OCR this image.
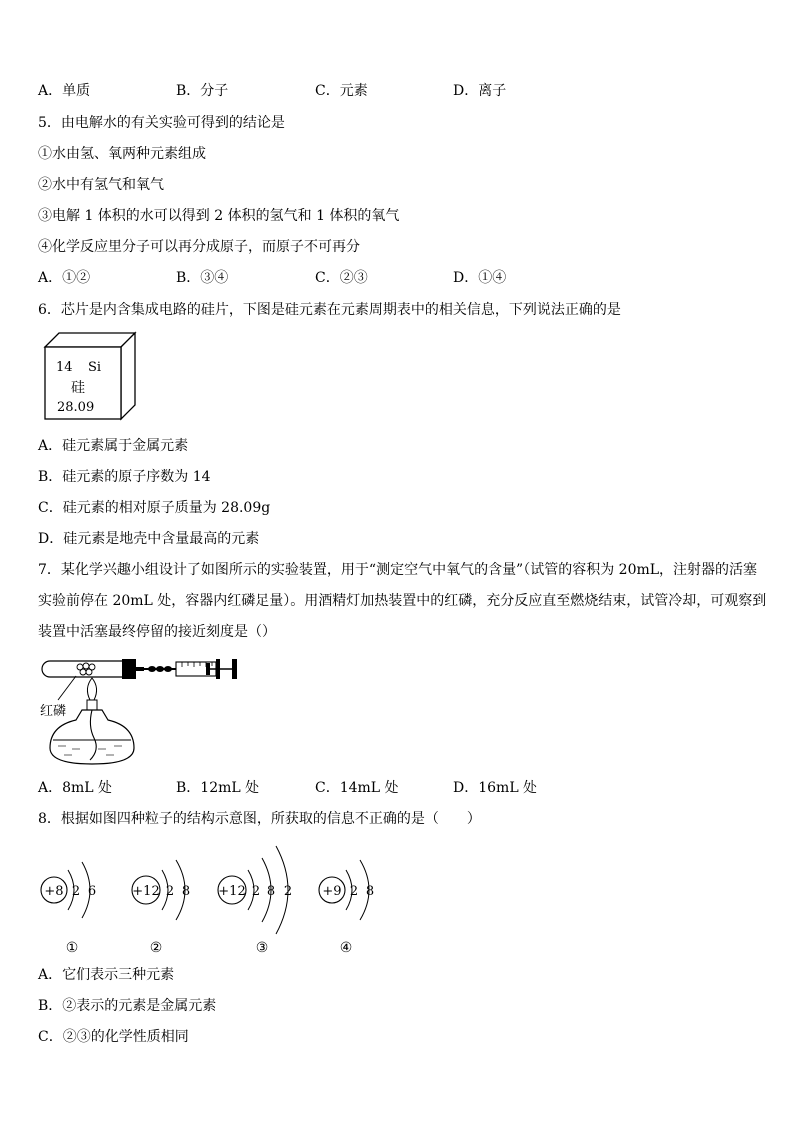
A．单质	B．分子	C．元素	D．离子
5．由电解水的有关实验可得到的结论是
①水由氢、氧两种元素组成
②水中有氢气和氧气
③电解 1 体积的水可以得到 2 体积的氢气和 1 体积的氧气
④化学反应里分子可以再分成原子，而原子不可再分
A．①②	B．③④	C．②③	D．①④
6．芯片是内含集成电路的硅片，下图是硅元素在元素周期表中的相关信息，下列说法正确的是
14 Si
硅
28.09
A．硅元素属于金属元素
B．硅元素的原子序数为 14
C．硅元素的相对原子质量为 28.09g
D．硅元素是地壳中含量最高的元素
7．某化学兴趣小组设计了如图所示的实验装置，用于“测定空气中氧气的含量”（试管的容积为 20mL，注射器的活塞
实验前停在 20mL 处，容器内红磷足量）。用酒精灯加热装置中的红磷，充分反应直至燃烧结束，试管冷却，可观察到
装置中活塞最终停留的接近刻度是（）
红磷
A．8mL 处	B．12mL 处	C．14mL 处	D．16mL 处
8．根据如图四种粒子的结构示意图，所获取的信息不正确的是（　　）
+8 2 6
①
+12 2 8
②
+12 2 8 2
③
+9 2 8
④
A．它们表示三种元素
B．②表示的元素是金属元素
C．②③的化学性质相同
